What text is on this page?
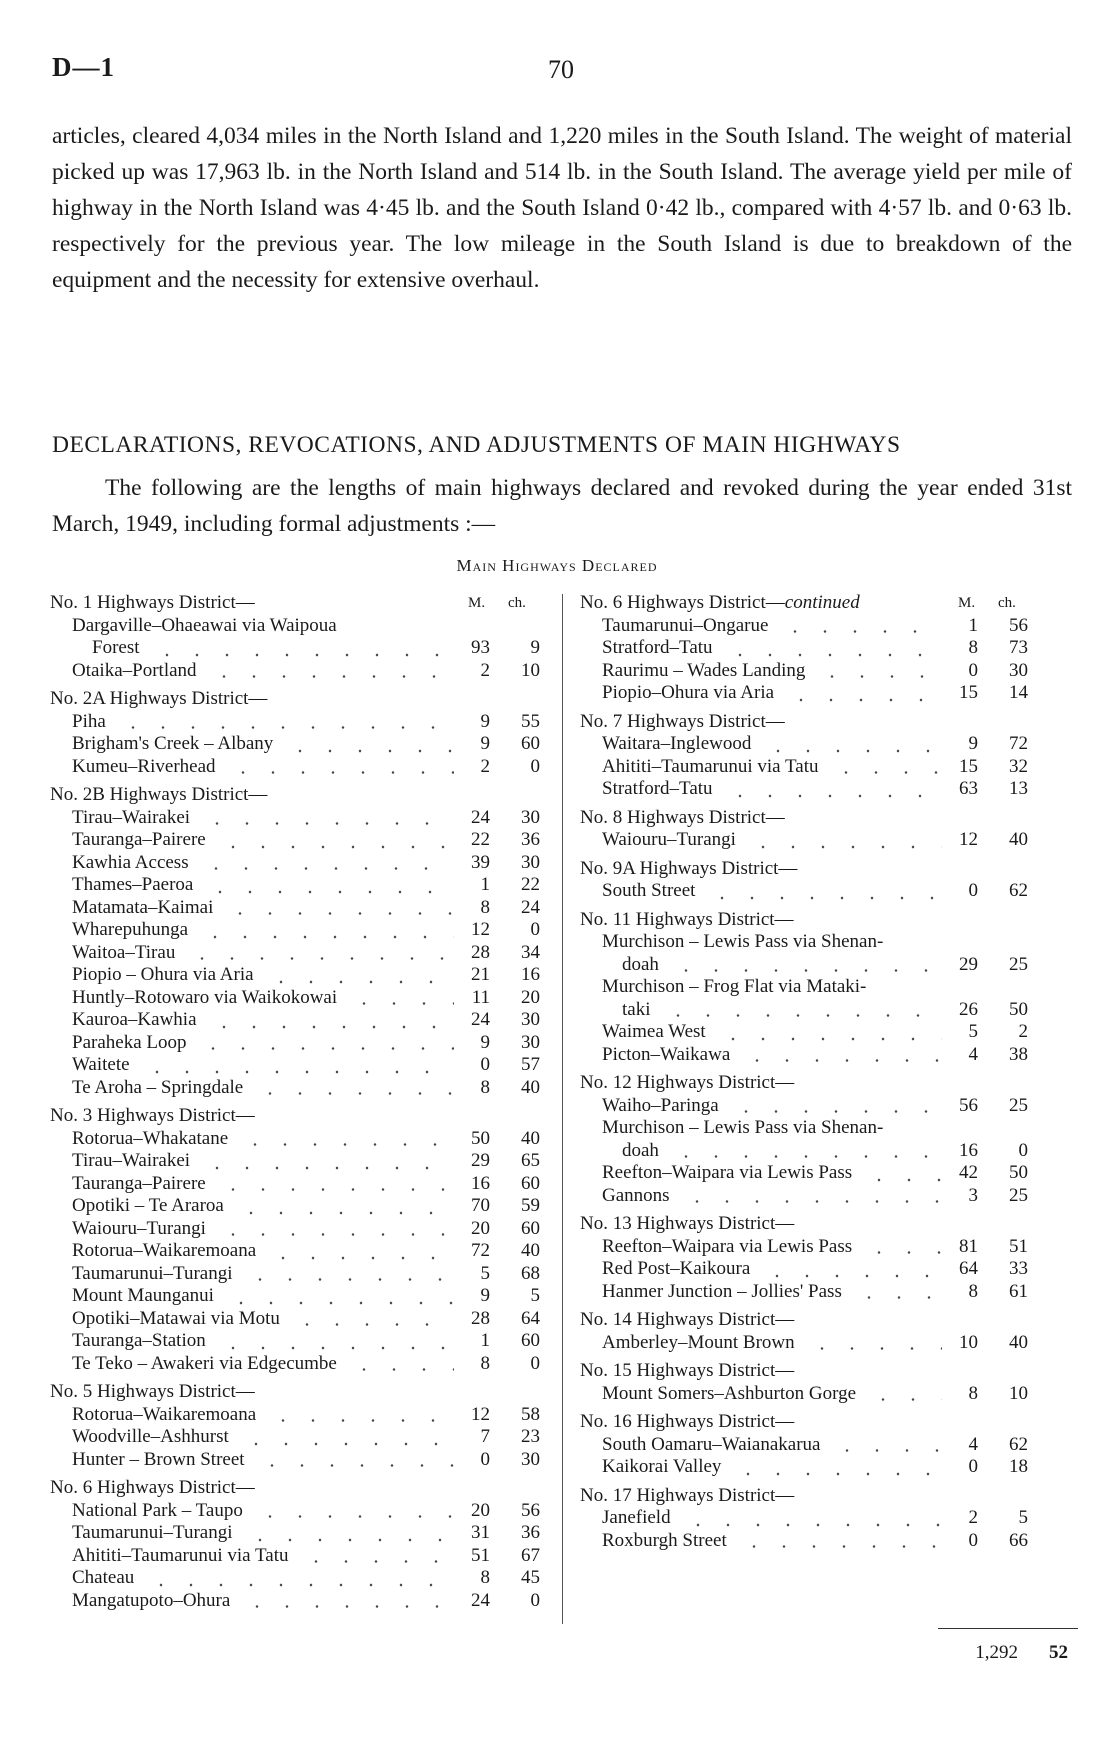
D—1	70

articles, cleared 4,034 miles in the North Island and 1,220 miles in the South Island. The weight of material picked up was 17,963 lb. in the North Island and 514 lb. in the South Island. The average yield per mile of highway in the North Island was 4·45 lb. and the South Island 0·42 lb., compared with 4·57 lb. and 0·63 lb. respectively for the previous year. The low mileage in the South Island is due to breakdown of the equipment and the necessity for extensive overhaul.

DECLARATIONS, REVOCATIONS, AND ADJUSTMENTS OF MAIN HIGHWAYS

The following are the lengths of main highways declared and revoked during the year ended 31st March, 1949, including formal adjustments :—

Main Highways Declared
No. 1 Highways District—	M. ch.
Dargaville–Ohaeawai via Waipoua
Forest	93	9
Otaika–Portland	2	10
No. 2A Highways District—
Piha	9	55
Brigham's Creek – Albany	9	60
Kumeu–Riverhead	2	0
No. 2B Highways District—
Tirau–Wairakei	24	30
Tauranga–Pairere	22	36
Kawhia Access	39	30
Thames–Paeroa	1	22
Matamata–Kaimai	8	24
Wharepuhunga	12	0
Waitoa–Tirau	28	34
Piopio – Ohura via Aria	21	16
Huntly–Rotowaro via Waikokowai	11	20
Kauroa–Kawhia	24	30
Paraheka Loop	9	30
Waitete	0	57
Te Aroha – Springdale	8	40
No. 3 Highways District—
Rotorua–Whakatane	50	40
Tirau–Wairakei	29	65
Tauranga–Pairere	16	60
Opotiki – Te Araroa	70	59
Waiouru–Turangi	20	60
Rotorua–Waikaremoana	72	40
Taumarunui–Turangi	5	68
Mount Maunganui	9	5
Opotiki–Matawai via Motu	28	64
Tauranga–Station	1	60
Te Teko – Awakeri via Edgecumbe	8	0
No. 5 Highways District—
Rotorua–Waikaremoana	12	58
Woodville–Ashhurst	7	23
Hunter – Brown Street	0	30
No. 6 Highways District—
National Park – Taupo	20	56
Taumarunui–Turangi	31	36
Ahititi–Taumarunui via Tatu	51	67
Chateau	8	45
Mangatupoto–Ohura	24	0
No. 6 Highways District—continued	M. ch.
Taumarunui–Ongarue	1	56
Stratford–Tatu	8	73
Raurimu – Wades Landing	0	30
Piopio–Ohura via Aria	15	14
No. 7 Highways District—
Waitara–Inglewood	9	72
Ahititi–Taumarunui via Tatu	15	32
Stratford–Tatu	63	13
No. 8 Highways District—
Waiouru–Turangi	12	40
No. 9A Highways District—
South Street	0	62
No. 11 Highways District—
Murchison – Lewis Pass via Shenan-
doah	29	25
Murchison – Frog Flat via Mataki-
taki	26	50
Waimea West	5	2
Picton–Waikawa	4	38
No. 12 Highways District—
Waiho–Paringa	56	25
Murchison – Lewis Pass via Shenan-
doah	16	0
Reefton–Waipara via Lewis Pass	42	50
Gannons	3	25
No. 13 Highways District—
Reefton–Waipara via Lewis Pass	81	51
Red Post–Kaikoura	64	33
Hanmer Junction – Jollies' Pass	8	61
No. 14 Highways District—
Amberley–Mount Brown	10	40
No. 15 Highways District—
Mount Somers–Ashburton Gorge	8	10
No. 16 Highways District—
South Oamaru–Waianakarua	4	62
Kaikorai Valley	0	18
No. 17 Highways District—
Janefield	2	5
Roxburgh Street	0	66
1,292	52
